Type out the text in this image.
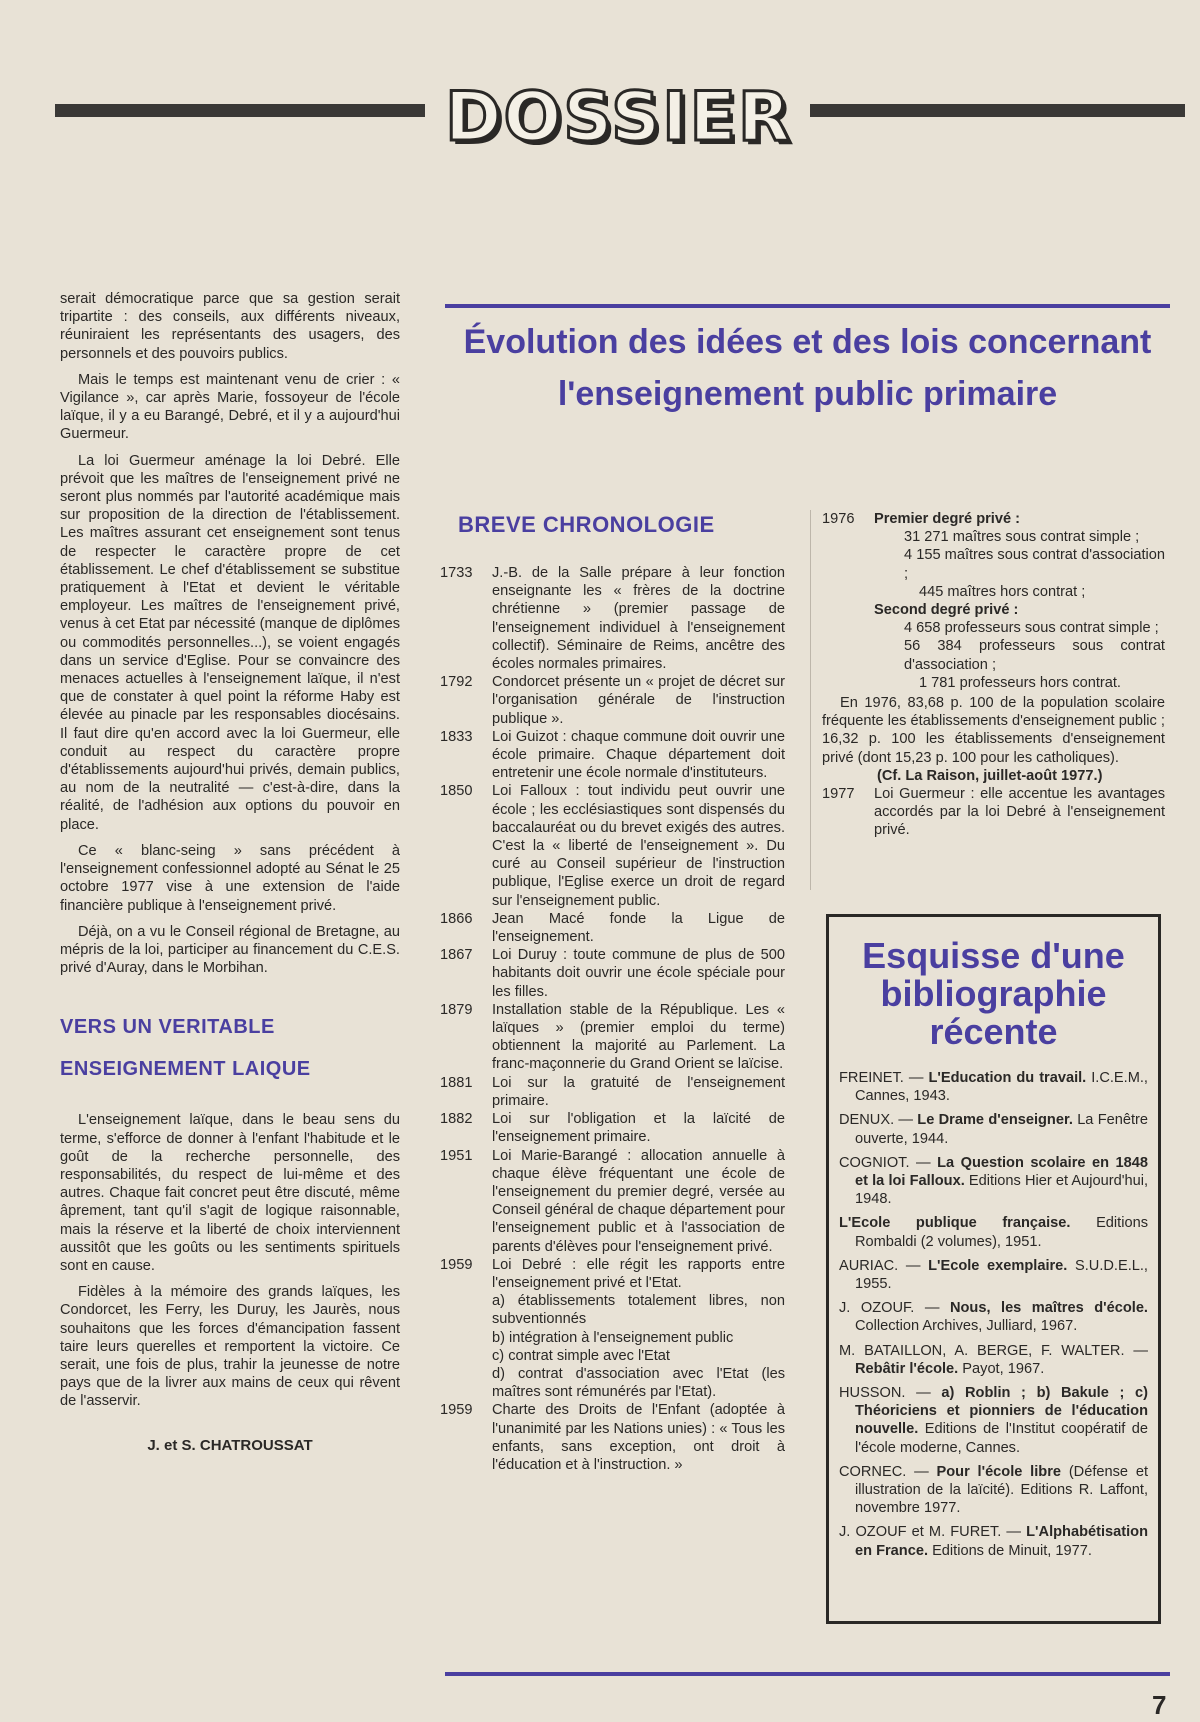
DOSSIER

serait démocratique parce que sa gestion serait tripartite : des conseils, aux différents niveaux, réuniraient les représentants des usagers, des personnels et des pouvoirs publics.

Mais le temps est maintenant venu de crier : « Vigilance », car après Marie, fossoyeur de l'école laïque, il y a eu Barangé, Debré, et il y a aujourd'hui Guermeur.

La loi Guermeur aménage la loi Debré. Elle prévoit que les maîtres de l'enseignement privé ne seront plus nommés par l'autorité académique mais sur proposition de la direction de l'établissement. Les maîtres assurant cet enseignement sont tenus de respecter le caractère propre de cet établissement. Le chef d'établissement se substitue pratiquement à l'Etat et devient le véritable employeur. Les maîtres de l'enseignement privé, venus à cet Etat par nécessité (manque de diplômes ou commodités personnelles...), se voient engagés dans un service d'Eglise. Pour se convaincre des menaces actuelles à l'enseignement laïque, il n'est que de constater à quel point la réforme Haby est élevée au pinacle par les responsables diocésains. Il faut dire qu'en accord avec la loi Guermeur, elle conduit au respect du caractère propre d'établissements aujourd'hui privés, demain publics, au nom de la neutralité — c'est-à-dire, dans la réalité, de l'adhésion aux options du pouvoir en place.

Ce « blanc-seing » sans précédent à l'enseignement confessionnel adopté au Sénat le 25 octobre 1977 vise à une extension de l'aide financière publique à l'enseignement privé.

Déjà, on a vu le Conseil régional de Bretagne, au mépris de la loi, participer au financement du C.E.S. privé d'Auray, dans le Morbihan.

VERS UN VERITABLE
ENSEIGNEMENT LAIQUE

L'enseignement laïque, dans le beau sens du terme, s'efforce de donner à l'enfant l'habitude et le goût de la recherche personnelle, des responsabilités, du respect de lui-même et des autres. Chaque fait concret peut être discuté, même âprement, tant qu'il s'agit de logique raisonnable, mais la réserve et la liberté de choix interviennent aussitôt que les goûts ou les sentiments spirituels sont en cause.

Fidèles à la mémoire des grands laïques, les Condorcet, les Ferry, les Duruy, les Jaurès, nous souhaitons que les forces d'émancipation fassent taire leurs querelles et remportent la victoire. Ce serait, une fois de plus, trahir la jeunesse de notre pays que de la livrer aux mains de ceux qui rêvent de l'asservir.

J. et S. CHATROUSSAT
Évolution des idées et des lois concernant l'enseignement public primaire
BREVE CHRONOLOGIE
1733	J.-B. de la Salle prépare à leur fonction enseignante les « frères de la doctrine chrétienne » (premier passage de l'enseignement individuel à l'enseignement collectif). Séminaire de Reims, ancêtre des écoles normales primaires.
1792	Condorcet présente un « projet de décret sur l'organisation générale de l'instruction publique ».
1833	Loi Guizot : chaque commune doit ouvrir une école primaire. Chaque département doit entretenir une école normale d'instituteurs.
1850	Loi Falloux : tout individu peut ouvrir une école ; les ecclésiastiques sont dispensés du baccalauréat ou du brevet exigés des autres. C'est la « liberté de l'enseignement ». Du curé au Conseil supérieur de l'instruction publique, l'Eglise exerce un droit de regard sur l'enseignement public.
1866	Jean Macé fonde la Ligue de l'enseignement.
1867	Loi Duruy : toute commune de plus de 500 habitants doit ouvrir une école spéciale pour les filles.
1879	Installation stable de la République. Les « laïques » (premier emploi du terme) obtiennent la majorité au Parlement. La franc-maçonnerie du Grand Orient se laïcise.
1881	Loi sur la gratuité de l'enseignement primaire.
1882	Loi sur l'obligation et la laïcité de l'enseignement primaire.
1951	Loi Marie-Barangé : allocation annuelle à chaque élève fréquentant une école de l'enseignement du premier degré, versée au Conseil général de chaque département pour l'enseignement public et à l'association de parents d'élèves pour l'enseignement privé.
1959	Loi Debré : elle régit les rapports entre l'enseignement privé et l'Etat.
a) établissements totalement libres, non subventionnés
b) intégration à l'enseignement public
c) contrat simple avec l'Etat
d) contrat d'association avec l'Etat (les maîtres sont rémunérés par l'Etat).
1959	Charte des Droits de l'Enfant (adoptée à l'unanimité par les Nations unies) : « Tous les enfants, sans exception, ont droit à l'éducation et à l'instruction. »
1976	Premier degré privé :
31 271 maîtres sous contrat simple ;
4 155 maîtres sous contrat d'association ;
445 maîtres hors contrat ;
Second degré privé :
4 658 professeurs sous contrat simple ;
56 384 professeurs sous contrat d'association ;
1 781 professeurs hors contrat.
En 1976, 83,68 p. 100 de la population scolaire fréquente les établissements d'enseignement public ; 16,32 p. 100 les établissements d'enseignement privé (dont 15,23 p. 100 pour les catholiques).
(Cf. La Raison, juillet-août 1977.)
1977	Loi Guermeur : elle accentue les avantages accordés par la loi Debré à l'enseignement privé.
Esquisse d'une bibliographie récente
FREINET. — L'Education du travail. I.C.E.M., Cannes, 1943.
DENUX. — Le Drame d'enseigner. La Fenêtre ouverte, 1944.
COGNIOT. — La Question scolaire en 1848 et la loi Falloux. Editions Hier et Aujourd'hui, 1948.
L'Ecole publique française. Editions Rombaldi (2 volumes), 1951.
AURIAC. — L'Ecole exemplaire. S.U.D.E.L., 1955.
J. OZOUF. — Nous, les maîtres d'école. Collection Archives, Julliard, 1967.
M. BATAILLON, A. BERGE, F. WALTER. — Rebâtir l'école. Payot, 1967.
HUSSON. — a) Roblin ; b) Bakule ; c) Théoriciens et pionniers de l'éducation nouvelle. Editions de l'Institut coopératif de l'école moderne, Cannes.
CORNEC. — Pour l'école libre (Défense et illustration de la laïcité). Editions R. Laffont, novembre 1977.
J. OZOUF et M. FURET. — L'Alphabétisation en France. Editions de Minuit, 1977.
7
